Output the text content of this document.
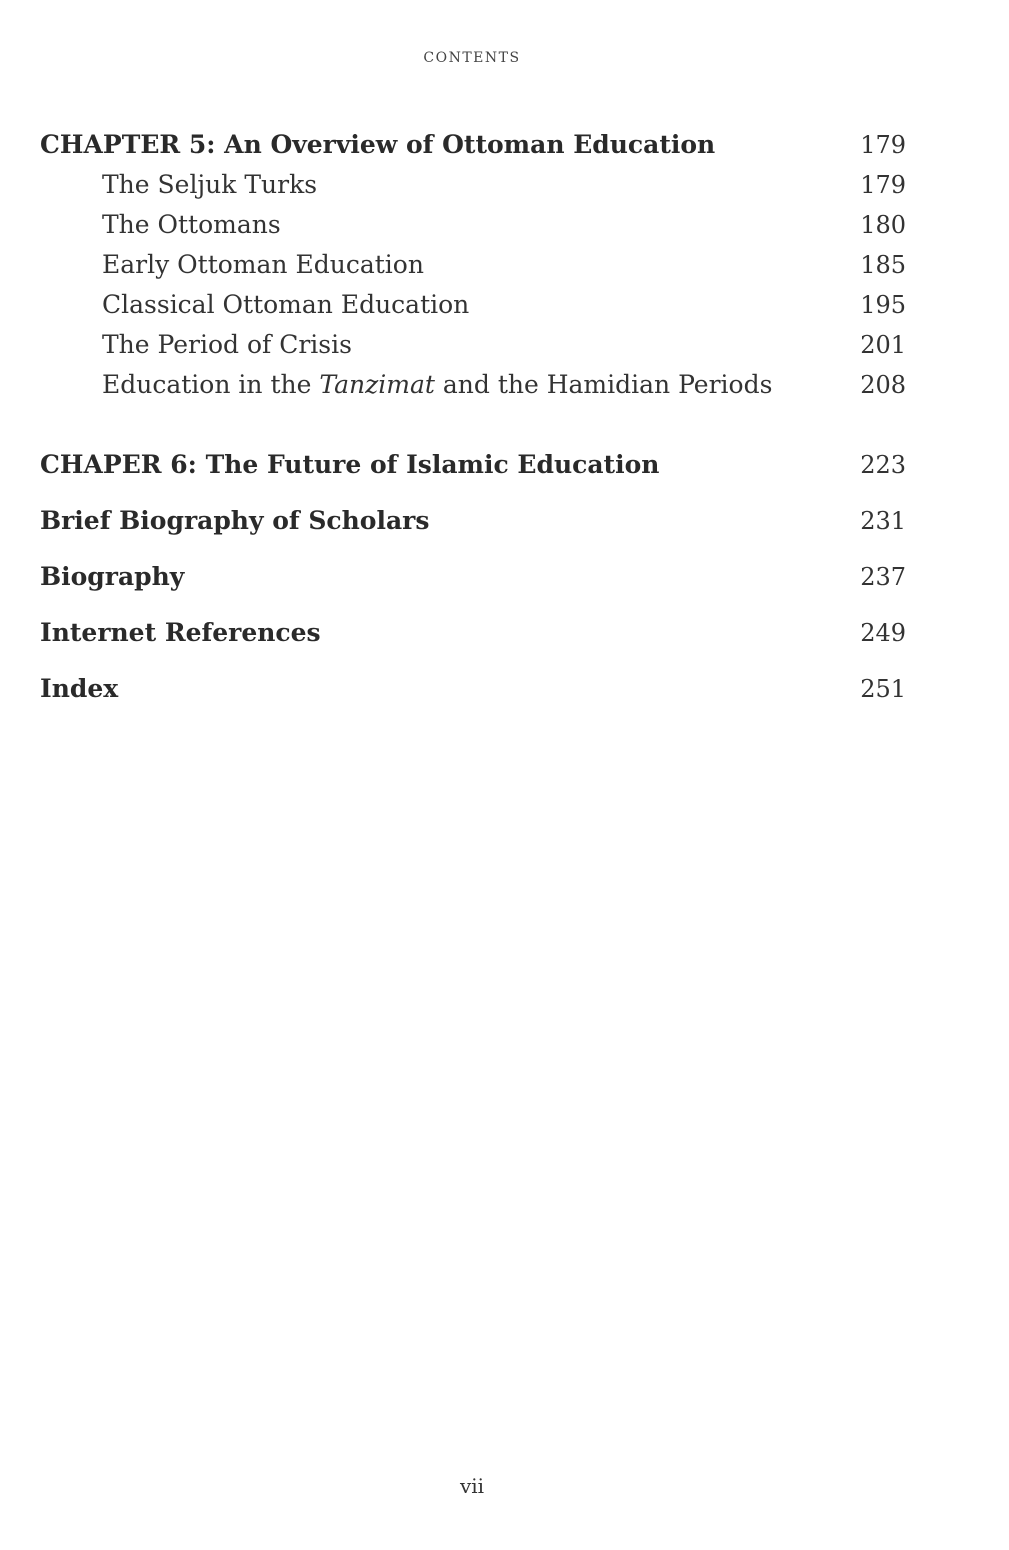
CONTENTS
CHAPTER 5: An Overview of Ottoman Education	179
The Seljuk Turks	179
The Ottomans	180
Early Ottoman Education	185
Classical Ottoman Education	195
The Period of Crisis	201
Education in the Tanzimat and the Hamidian Periods	208
CHAPER 6: The Future of Islamic Education	223
Brief Biography of Scholars	231
Biography	237
Internet References	249
Index	251
vii
